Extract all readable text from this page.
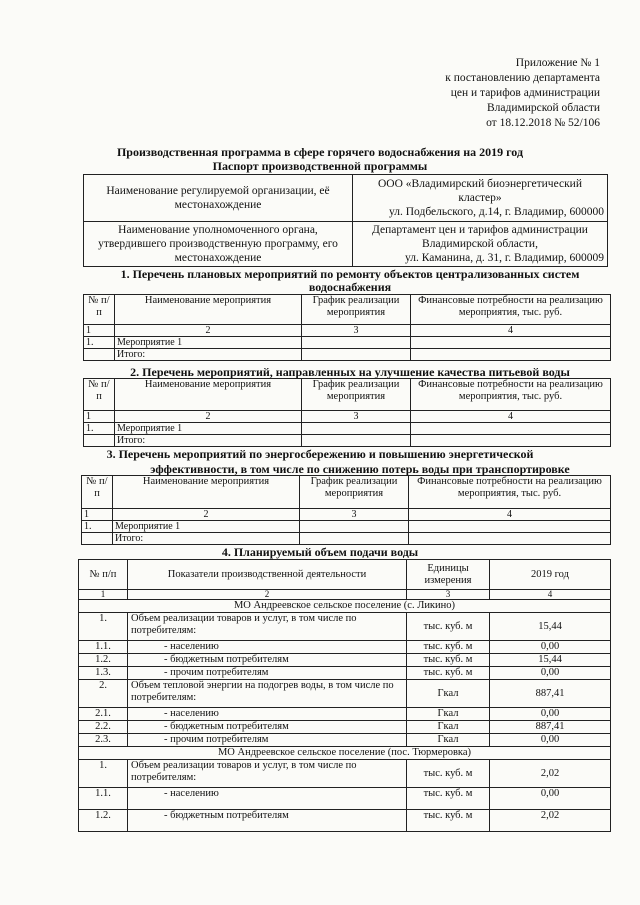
Приложение № 1
к постановлению департамента
цен и тарифов администрации
Владимирской области
от 18.12.2018 № 52/106
Производственная программа в сфере горячего водоснабжения на 2019 год
Паспорт производственной программы
Наименование регулируемой организации, её местонахождение	ООО «Владимирский биоэнергетический кластер»
ул. Подбельского, д.14, г. Владимир, 600000

Наименование уполномоченного органа, утвердившего производственную программу, его местонахождение	Департамент цен и тарифов администрации Владимирской области,
ул. Каманина, д. 31, г. Владимир, 600009
1. Перечень плановых мероприятий по ремонту объектов централизованных систем водоснабжения
№ п/п	Наименование мероприятия	График реализации мероприятия	Финансовые потребности на реализацию мероприятия, тыс. руб.
1	2	3	4
1.	Мероприятие 1		
	Итого:		
2. Перечень мероприятий, направленных на улучшение качества питьевой воды
№ п/п	Наименование мероприятия	График реализации мероприятия	Финансовые потребности на реализацию мероприятия, тыс. руб.
1	2	3	4
1.	Мероприятие 1		
	Итого:		
3. Перечень мероприятий по энергосбережению и повышению энергетической
эффективности, в том числе по снижению потерь воды при транспортировке
№ п/п	Наименование мероприятия	График реализации мероприятия	Финансовые потребности на реализацию мероприятия, тыс. руб.
1	2	3	4
1.	Мероприятие 1		
	Итого:		
4. Планируемый объем подачи воды
№ п/п	Показатели производственной деятельности	Единицы измерения	2019 год
1	2	3	4
МО Андреевское сельское поселение (с. Ликино)			
1.	Объем реализации товаров и услуг, в том числе по потребителям:	тыс. куб. м	15,44
1.1.	- населению	тыс. куб. м	0,00
1.2.	- бюджетным потребителям	тыс. куб. м	15,44
1.3.	- прочим потребителям	тыс. куб. м	0,00
2.	Объем тепловой энергии на подогрев воды, в том числе по потребителям:	Гкал	887,41
2.1.	- населению	Гкал	0,00
2.2.	- бюджетным потребителям	Гкал	887,41
2.3.	- прочим потребителям	Гкал	0,00
МО Андреевское сельское поселение (пос. Тюрмеровка)			
1.	Объем реализации товаров и услуг, в том числе по потребителям:	тыс. куб. м	2,02
1.1.	- населению	тыс. куб. м	0,00
1.2.	- бюджетным потребителям	тыс. куб. м	2,02
